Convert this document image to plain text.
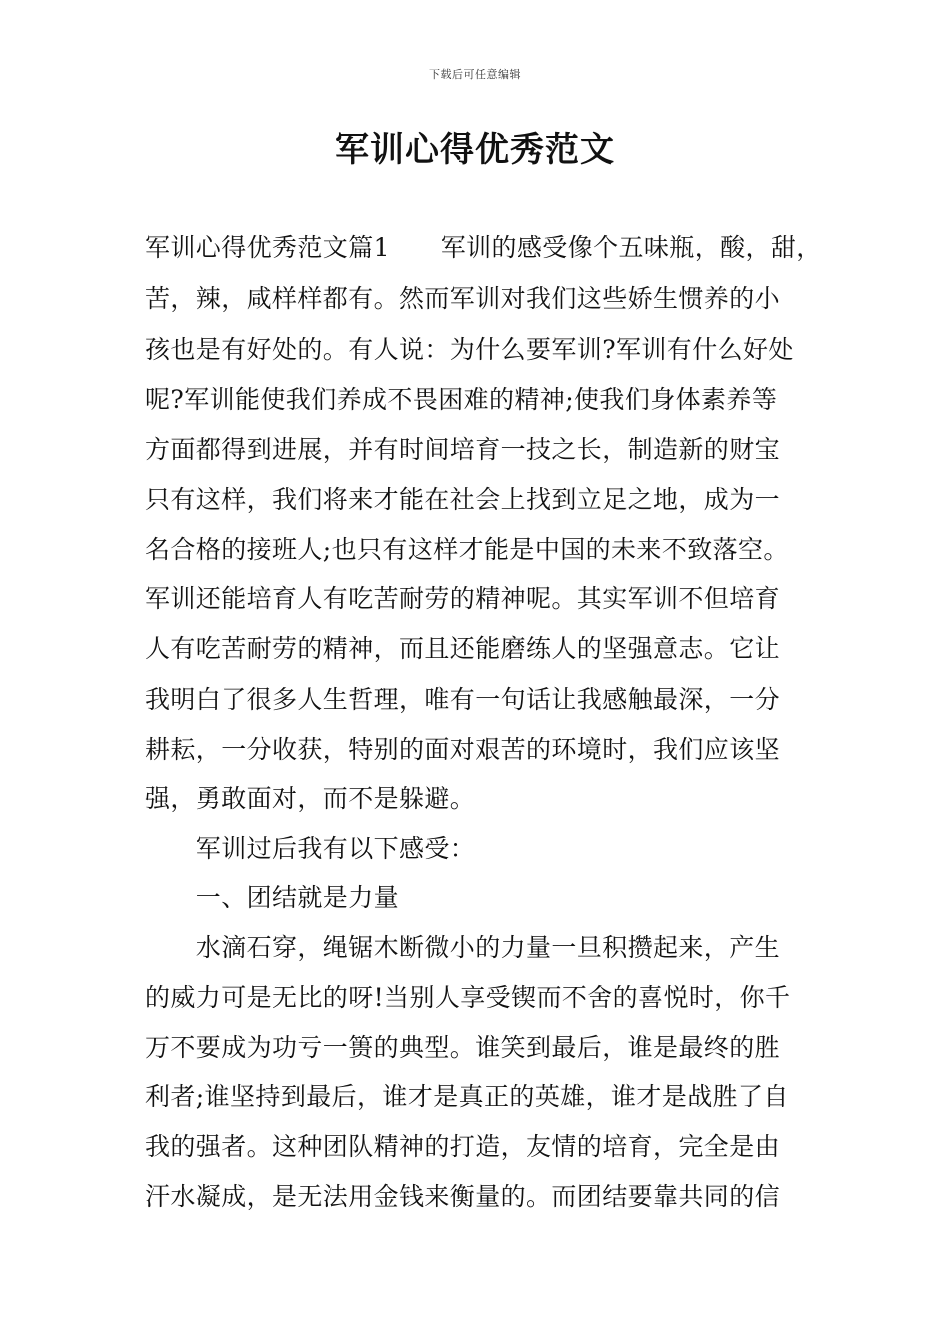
下载后可任意编辑
军训心得优秀范文
军训心得优秀范文篇1　　军训的感受像个五味瓶，酸，甜，
苦，辣，咸样样都有。然而军训对我们这些娇生惯养的小
孩也是有好处的。有人说：为什么要军训?军训有什么好处
呢?军训能使我们养成不畏困难的精神;使我们身体素养等
方面都得到进展，并有时间培育一技之长，制造新的财宝
只有这样，我们将来才能在社会上找到立足之地，成为一
名合格的接班人;也只有这样才能是中国的未来不致落空。
军训还能培育人有吃苦耐劳的精神呢。其实军训不但培育
人有吃苦耐劳的精神，而且还能磨练人的坚强意志。它让
我明白了很多人生哲理，唯有一句话让我感触最深，一分
耕耘，一分收获，特别的面对艰苦的环境时，我们应该坚
强，勇敢面对，而不是躲避。
　　军训过后我有以下感受：
　　一、团结就是力量
　　水滴石穿，绳锯木断微小的力量一旦积攒起来，产生
的威力可是无比的呀!当别人享受锲而不舍的喜悦时，你千
万不要成为功亏一篑的典型。谁笑到最后，谁是最终的胜
利者;谁坚持到最后，谁才是真正的英雄，谁才是战胜了自
我的强者。这种团队精神的打造，友情的培育，完全是由
汗水凝成，是无法用金钱来衡量的。而团结要靠共同的信
